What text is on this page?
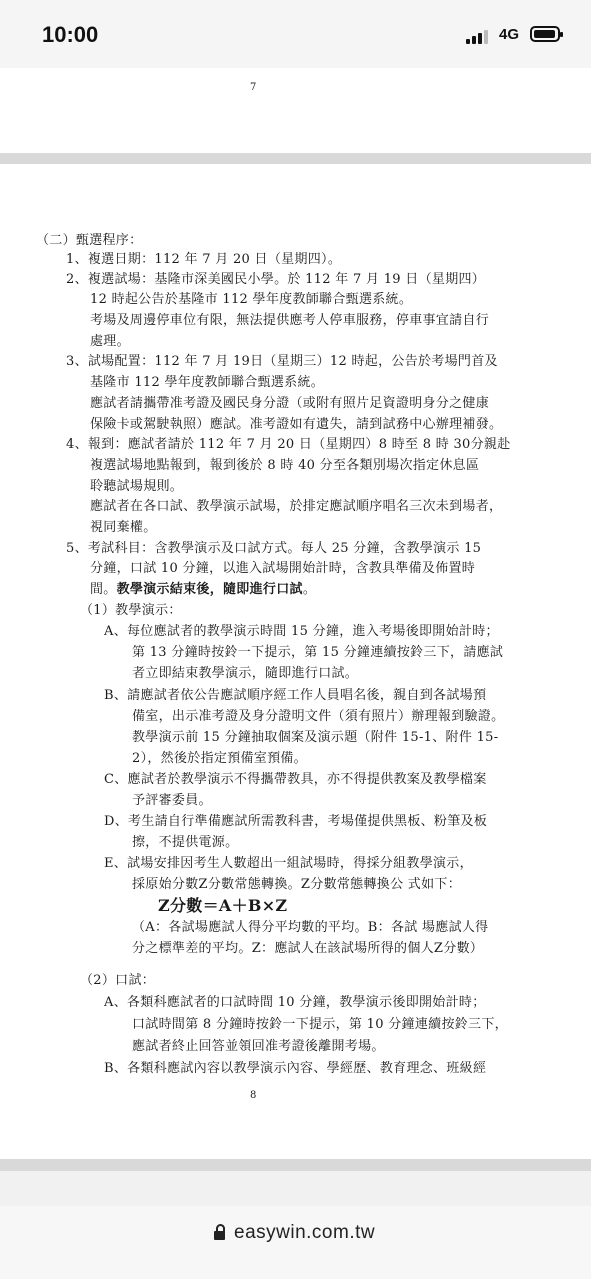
10:00	4G
7
（二）甄選程序：
1、複選日期：112 年 7 月 20 日（星期四）。
2、複選試場：基隆市深美國民小學。於 112 年 7 月 19 日（星期四）
12 時起公告於基隆市 112 學年度教師聯合甄選系統。
考場及周邊停車位有限，無法提供應考人停車服務，停車事宜請自行
處理。
3、試場配置：112 年 7 月 19日（星期三）12 時起，公告於考場門首及
基隆市 112 學年度教師聯合甄選系統。
應試者請攜帶准考證及國民身分證（或附有照片足資證明身分之健康
保險卡或駕駛執照）應試。准考證如有遺失，請到試務中心辦理補發。
4、報到：應試者請於 112 年 7 月 20 日（星期四）8 時至 8 時 30分親赴
複選試場地點報到，報到後於 8 時 40 分至各類別場次指定休息區
聆聽試場規則。
應試者在各口試、教學演示試場，於排定應試順序唱名三次未到場者，
視同棄權。
5、考試科目：含教學演示及口試方式。每人 25 分鐘，含教學演示 15
分鐘，口試 10 分鐘，以進入試場開始計時，含教具準備及佈置時
間。教學演示結束後，隨即進行口試。
（1）教學演示：
A、每位應試者的教學演示時間 15 分鐘，進入考場後即開始計時；
第 13 分鐘時按鈴一下提示，第 15 分鐘連續按鈴三下，請應試
者立即結束教學演示，隨即進行口試。
B、請應試者依公告應試順序經工作人員唱名後，親自到各試場預
備室，出示准考證及身分證明文件（須有照片）辦理報到驗證。
教學演示前 15 分鐘抽取個案及演示題（附件 15-1、附件 15-
2），然後於指定預備室預備。
C、應試者於教學演示不得攜帶教具，亦不得提供教案及教學檔案
予評審委員。
D、考生請自行準備應試所需教科書，考場僅提供黑板、粉筆及板
擦，不提供電源。
E、試場安排因考生人數超出一組試場時，得採分組教學演示，
採原始分數Z分數常態轉換。Z分數常態轉換公 式如下：
Z分數＝A＋B×Z
（A：各試場應試人得分平均數的平均。B：各試 場應試人得
分之標準差的平均。Z：應試人在該試場所得的個人Z分數）
（2）口試：
A、各類科應試者的口試時間 10 分鐘，教學演示後即開始計時；
口試時間第 8 分鐘時按鈴一下提示，第 10 分鐘連續按鈴三下，
應試者終止回答並領回准考證後離開考場。
B、各類科應試內容以教學演示內容、學經歷、教育理念、班級經
8
easywin.com.tw
